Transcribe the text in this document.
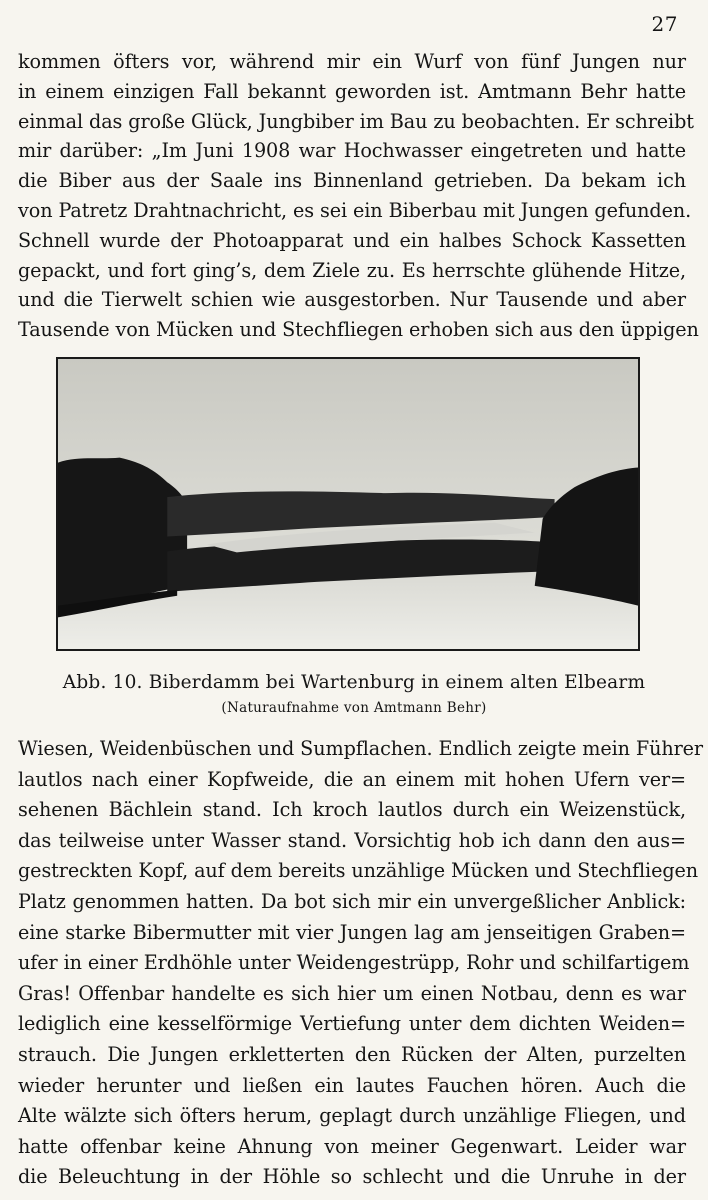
27

kommen öfters vor, während mir ein Wurf von fünf Jungen nur
in einem einzigen Fall bekannt geworden ist. Amtmann Behr hatte
einmal das große Glück, Jungbiber im Bau zu beobachten. Er schreibt
mir darüber: „Im Juni 1908 war Hochwasser eingetreten und hatte
die Biber aus der Saale ins Binnenland getrieben. Da bekam ich
von Patretz Drahtnachricht, es sei ein Biberbau mit Jungen gefunden.
Schnell wurde der Photoapparat und ein halbes Schock Kassetten
gepackt, und fort ging’s, dem Ziele zu. Es herrschte glühende Hitze,
und die Tierwelt schien wie ausgestorben. Nur Tausende und aber
Tausende von Mücken und Stechfliegen erhoben sich aus den üppigen

Abb. 10. Biberdamm bei Wartenburg in einem alten Elbearm
(Naturaufnahme von Amtmann Behr)

Wiesen, Weidenbüschen und Sumpflachen. Endlich zeigte mein Führer
lautlos nach einer Kopfweide, die an einem mit hohen Ufern ver=
sehenen Bächlein stand. Ich kroch lautlos durch ein Weizenstück,
das teilweise unter Wasser stand. Vorsichtig hob ich dann den aus=
gestreckten Kopf, auf dem bereits unzählige Mücken und Stechfliegen
Platz genommen hatten. Da bot sich mir ein unvergeßlicher Anblick:
eine starke Bibermutter mit vier Jungen lag am jenseitigen Graben=
ufer in einer Erdhöhle unter Weidengestrüpp, Rohr und schilfartigem
Gras! Offenbar handelte es sich hier um einen Notbau, denn es war
lediglich eine kesselförmige Vertiefung unter dem dichten Weiden=
strauch. Die Jungen erkletterten den Rücken der Alten, purzelten
wieder herunter und ließen ein lautes Fauchen hören. Auch die
Alte wälzte sich öfters herum, geplagt durch unzählige Fliegen, und
hatte offenbar keine Ahnung von meiner Gegenwart. Leider war
die Beleuchtung in der Höhle so schlecht und die Unruhe in der
